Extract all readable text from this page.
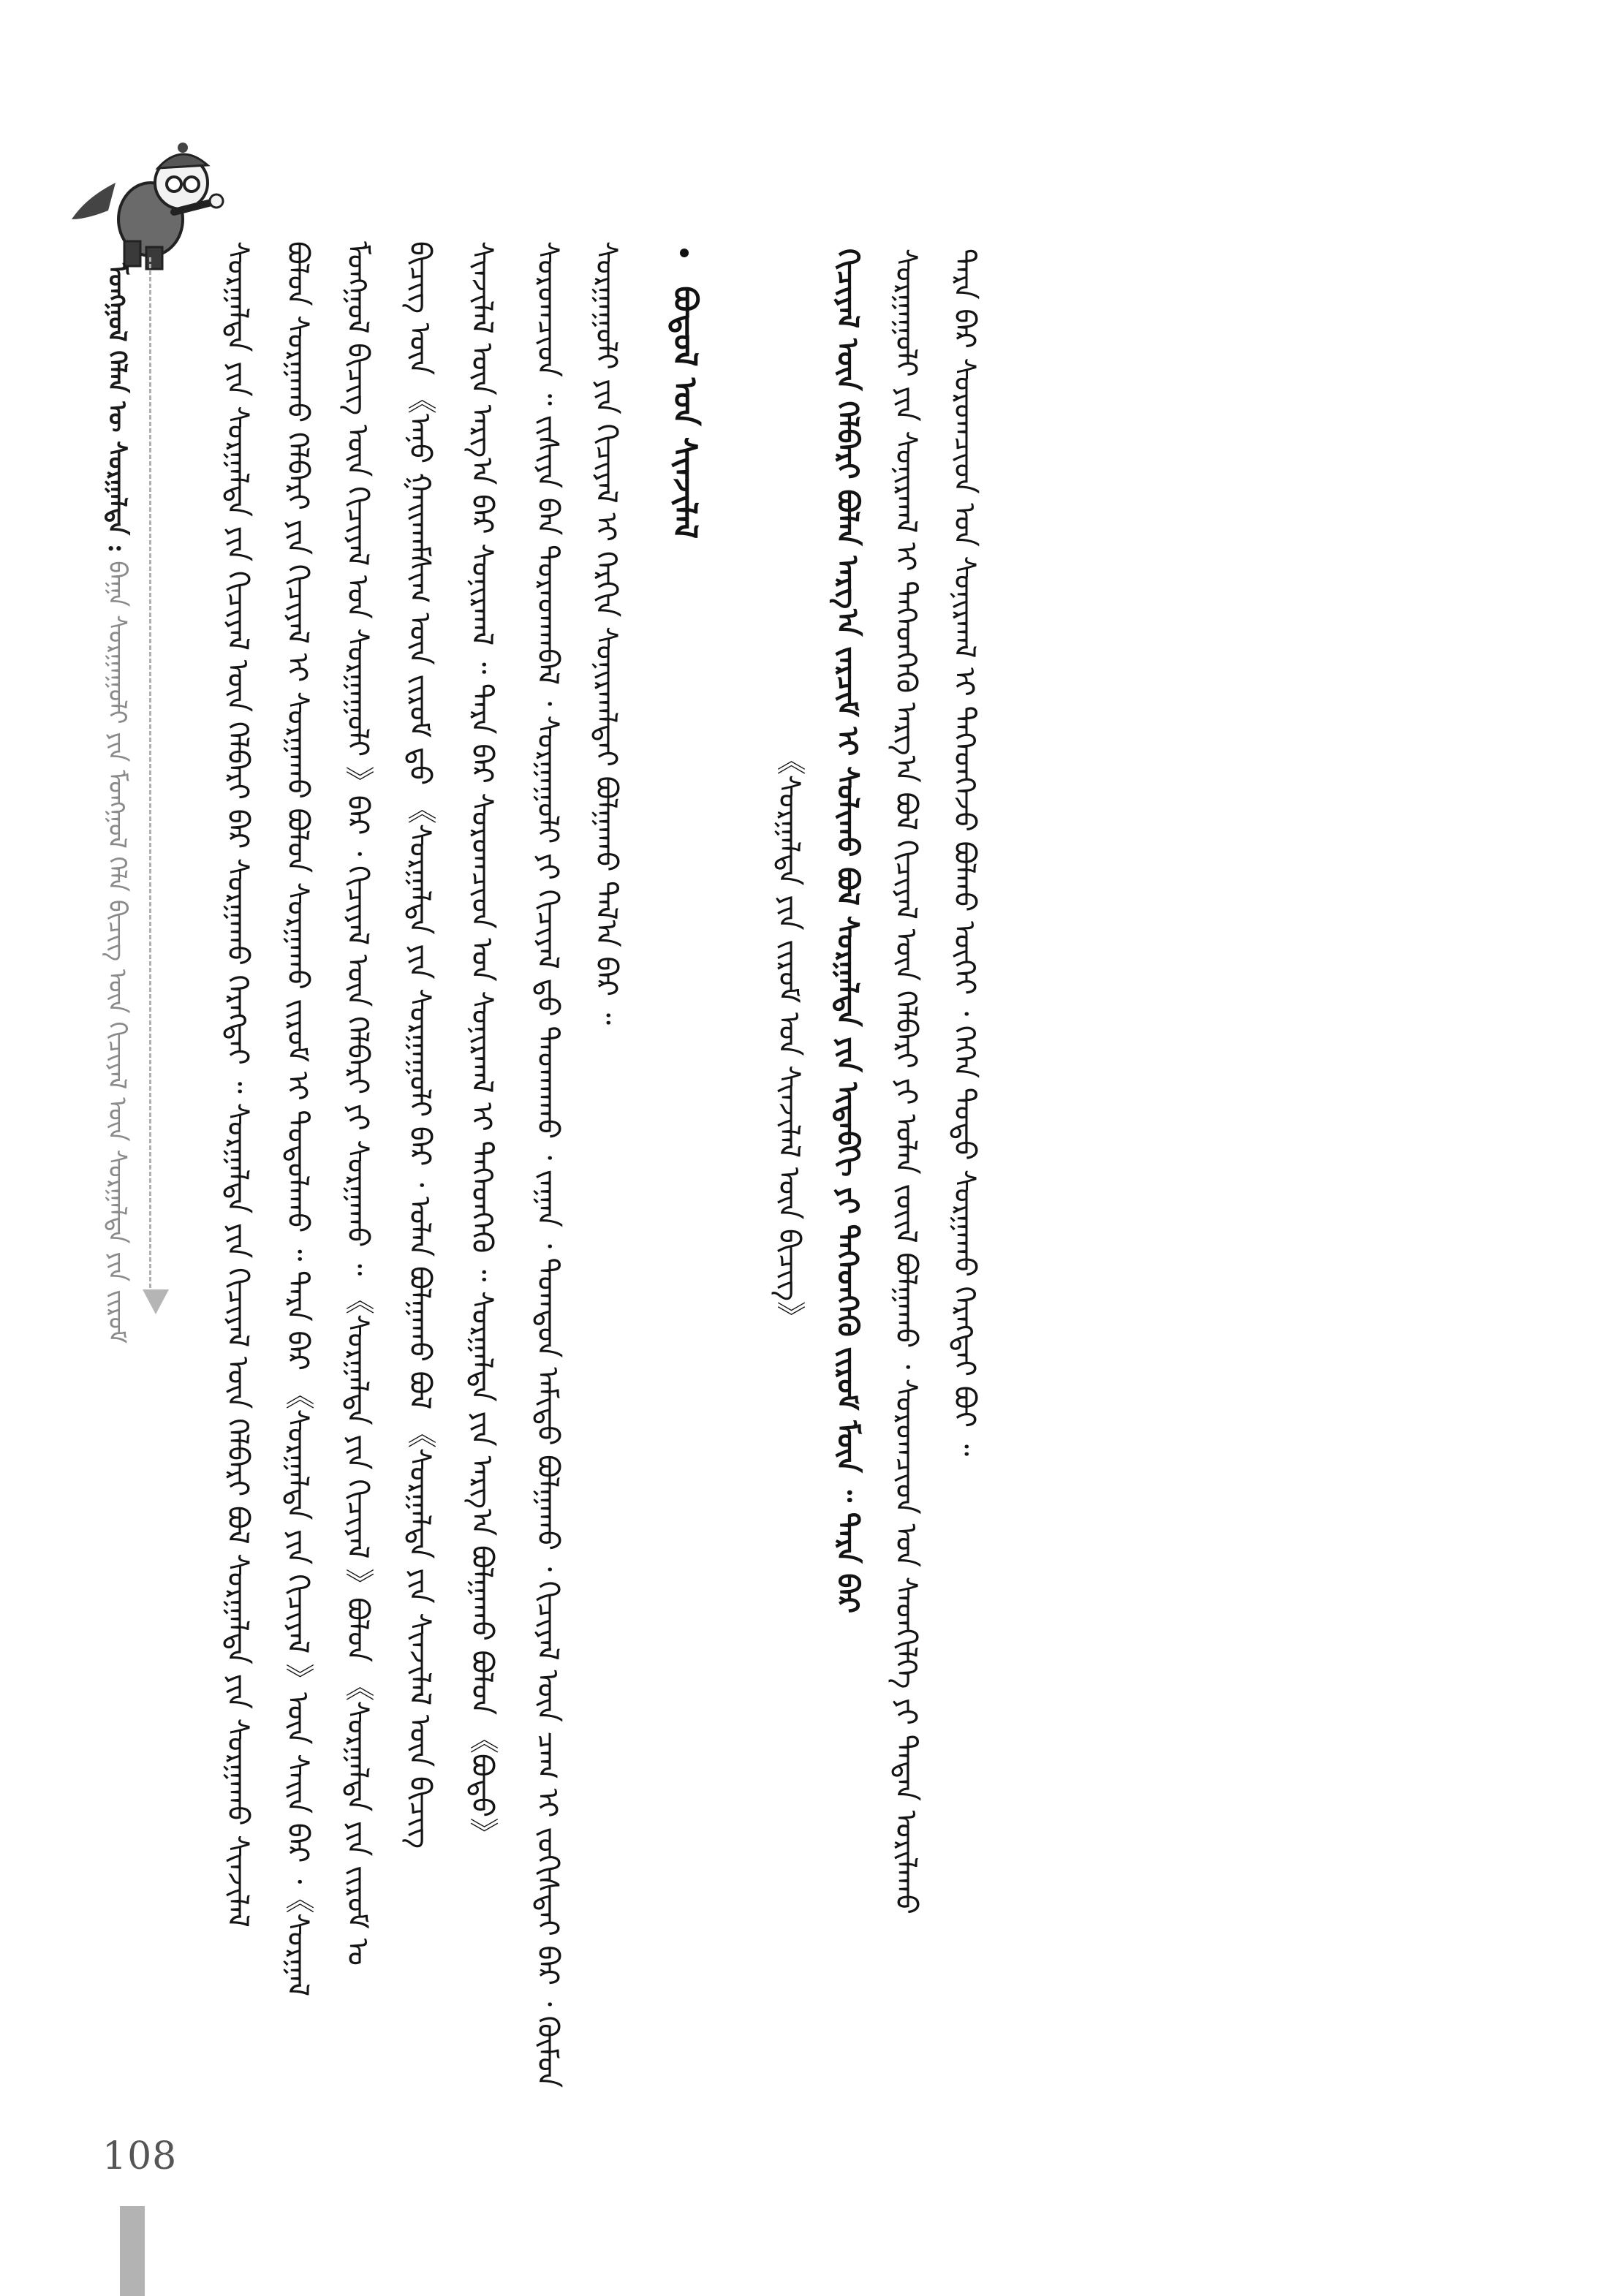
ᠮᠣᠩᠭᠣᠯ ᠬᠡᠯᠡᠨ ᠦ ᠰᠤᠷᠭᠠᠯᠲᠠ : ᠪᠠᠭᠠ ᠰᠤᠷᠭᠠᠭᠤᠯᠢ ᠶᠢᠨ ᠮᠣᠩᠭᠣᠯ ᠬᠡᠯᠡ ᠪᠢᠴᠢᠭ ᠦᠨ ᠬᠢᠴᠢᠶᠡᠯ ᠦᠨ ᠰᠤᠷᠭᠠᠯᠲᠠ ᠶᠢᠨ ᠵᠢᠷᠤᠮ	ᠲᠡᠷᠡ ᠪᠡᠷ ᠰᠤᠷᠤᠭᠴᠢᠳ ᠤᠨ ᠰᠣᠨᠢᠷᠬᠠᠯ ᠢ ᠳᠡᠭᠡᠳᠬᠡᠵᠦ ᠪᠣᠯᠬᠤ ᠦᠭᠡᠢ ᠂ ᠭᠡᠭᠡᠨ ᠲᠣᠳᠣ ᠰᠤᠷᠭᠠᠬᠤ ᠬᠡᠷᠡᠭᠲᠡᠢ ᠪᠣᠢ ᠃
ᠰᠤᠷᠭᠠᠭᠤᠯᠢ ᠶᠢᠨ ᠰᠣᠨᠢᠷᠬᠠᠯ ᠢ ᠳᠡᠭᠡᠳᠬᠡᠬᠦ ᠠᠷᠭ᠎ᠠ ᠪᠣᠯ ᠬᠢᠴᠢᠶᠡᠯ ᠦᠨ ᠬᠡᠯᠪᠡᠷᠢ ᠶᠢ ᠣᠯᠠᠨ ᠵᠦᠢᠯ ᠪᠣᠯᠭᠠᠬᠤ ᠂ ᠰᠤᠷᠤᠭᠴᠢᠳ ᠤᠨ ᠰᠡᠳᠬᠢᠯᠭᠡ ᠶᠢ ᠲᠠᠲᠠᠨ ᠤᠷᠢᠯᠠᠬᠤ
ᠬᠢᠴᠢᠶᠡᠯ ᠦᠨ ᠬᠡᠯᠪᠡᠷᠢ ᠪᠣᠯᠠᠨ ᠠᠷᠭ᠎ᠠ ᠵᠠᠷᠴᠢᠮ ᠢ ᠰᠣᠯᠢᠬᠤ ᠪᠣᠯ ᠰᠤᠷᠭᠠᠯᠲᠠ ᠶᠢᠨ ᠢᠳᠡᠪᠬᠢ ᠶᠢ ᠳᠡᠭᠡᠳᠬᠡᠬᠦ ᠵᠢᠷᠤᠮ ᠮᠥᠨ ᠃ ᠲᠡᠷᠡ ᠪᠡᠷ
《ᠰᠤᠷᠭᠠᠯᠲᠠ ᠶᠢᠨ ᠵᠢᠷᠤᠮ ᠤᠨ ᠰᠢᠨᠵᠢᠯᠡᠯ ᠦᠨ ᠪᠢᠴᠢᠭ᠌》
ᠪᠣᠳᠤᠯ ᠤᠨ ᠰᠢᠨᠵᠢᠯᠡᠯ
ᠰᠤᠷᠭᠠᠭᠤᠯᠢ ᠶᠢᠨ ᠬᠢᠴᠢᠶᠡᠯ ᠢ ᠬᠡᠷᠬᠢᠨ ᠰᠣᠨᠢᠷᠬᠠᠯᠲᠠᠢ ᠪᠣᠯᠭᠠᠬᠤ ᠲᠠᠯ᠎ᠠ ᠪᠠᠷ ᠃
ᠰᠤᠷᠤᠭᠴᠢᠳ ᠃ ᠵᠢᠱᠢᠶᠡ ᠪᠡᠨ ᠳᠤᠷᠠᠳᠬᠠᠪᠠᠯ ᠂ ᠰᠤᠷᠭᠠᠭᠤᠯᠢ ᠶᠢ ᠬᠢᠴᠢᠶᠡᠯ ᠳ᠋ᠤ ᠳᠠᠳᠬᠠᠬᠤ ᠂ ᠵᠠᠭᠠᠨ ᠂ ᠳᠣᠭᠳᠣᠨ ᠠᠮᠢᠳᠤ ᠪᠣᠯᠭᠠᠬᠤ ᠂ ᠬᠢᠴᠢᠶᠡᠯ ᠦᠨ ᠴᠠᠭ ᠢ ᠵᠣᠬᠢᠰᠲᠠᠢ ᠪᠡᠷ ᠂ ᠬᠦᠮᠦᠨ
ᠰᠢᠨᠵᠢᠯᠡᠯ ᠦᠨ ᠠᠷᠭ᠎ᠠ ᠪᠡᠷ ᠰᠣᠨᠢᠷᠬᠠᠯ ᠃ ᠲᠡᠷᠡ ᠪᠡᠷ ᠰᠤᠷᠤᠭᠴᠢᠳ ᠤᠨ ᠰᠣᠨᠢᠷᠬᠠᠯ ᠢ ᠳᠡᠭᠡᠳᠬᠡᠬᠦ ᠃ ᠰᠤᠷᠭᠠᠯᠲᠠ ᠶᠢᠨ ᠠᠷᠭ᠎ᠠ ᠪᠣᠯᠭᠠᠬᠤ ᠪᠣᠯᠣᠨ 《ᠪᠣᠳᠣ》
ᠪᠢᠴᠢᠭ᠌ ᠦᠨ 《ᠠᠨ᠋ᠤ ᠭᠠᠢᠬᠠᠮᠰᠢᠭ ᠦᠨ ᠵᠢᠷᠤᠮ ᠳ᠋ᠤ 《ᠰᠤᠷᠭᠠᠯᠲᠠ ᠶᠢᠨ ᠰᠤᠷᠭᠠᠭᠤᠯᠢ ᠪᠠᠷ ᠂ ᠣᠯᠠᠨ ᠪᠣᠯᠭᠠᠬᠤ ᠪᠣᠯ 《ᠰᠤᠷᠭᠠᠯᠲᠠ ᠶᠢᠨ ᠰᠢᠨᠵᠢᠯᠡᠯ ᠦᠨ ᠪᠢᠴᠢᠭ᠌
ᠮᠣᠩᠭᠣᠯ ᠪᠢᠴᠢᠭ ᠦᠨ ᠬᠢᠴᠢᠶᠡᠯ ᠤᠨ ᠰᠤᠷᠭᠠᠭᠤᠯᠢ 》ᠪᠠᠷ ᠂ ᠬᠢᠴᠢᠶᠡᠯ ᠦᠨ ᠬᠡᠯᠪᠡᠷᠢ ᠶᠢ ᠰᠤᠷᠭᠠᠬᠤ ᠃ 《ᠰᠤᠷᠭᠠᠯᠲᠠ ᠶᠢᠨ ᠬᠢᠴᠢᠶᠡᠯ 》ᠪᠣᠯᠣᠨ 《ᠰᠤᠷᠭᠠᠯᠲᠠ ᠶᠢᠨ ᠵᠢᠷᠤᠮ ᠤ
ᠪᠣᠯᠣᠨ ᠰᠤᠷᠭᠠᠬᠤ ᠬᠡᠯᠪᠡᠷᠢ ᠶᠢᠨ ᠬᠢᠴᠢᠶᠡᠯ ᠢ ᠰᠤᠷᠭᠠᠬᠤ ᠪᠣᠯᠣᠨ ᠰᠤᠷᠭᠠᠬᠤ ᠵᠢᠷᠤᠮ ᠢ ᠲᠤᠳᠤᠯᠠᠬᠤ ᠃ ᠲᠡᠷᠡ ᠪᠡᠷ 《ᠰᠤᠷᠭᠠᠯᠲᠠ ᠶᠢᠨ ᠬᠢᠴᠢᠶᠡᠯ 》ᠦᠨ ᠰᠠᠢᠨ ᠪᠠᠷ ᠂《ᠰᠤᠷᠭᠠᠯ
ᠰᠤᠷᠭᠠᠯᠲᠠ ᠶᠢᠨ ᠰᠤᠷᠭᠠᠯᠲᠠ ᠶᠢᠨ ᠬᠢᠴᠢᠶᠡᠯ ᠦᠨ ᠬᠡᠯᠪᠡᠷᠢ ᠪᠡᠷ ᠰᠤᠷᠭᠠᠬᠤ ᠬᠡᠷᠡᠭᠲᠡᠢ ᠃ ᠰᠤᠷᠭᠠᠯᠲᠠ ᠶᠢᠨ ᠬᠢᠴᠢᠶᠡᠯ ᠦᠨ ᠬᠡᠯᠪᠡᠷᠢ ᠪᠣᠯ ᠰᠤᠷᠭᠠᠯᠲᠠ ᠶᠢᠨ ᠰᠤᠷᠭᠠᠬᠤ ᠰᠢᠨᠵᠢᠯᠡᠯ
108
